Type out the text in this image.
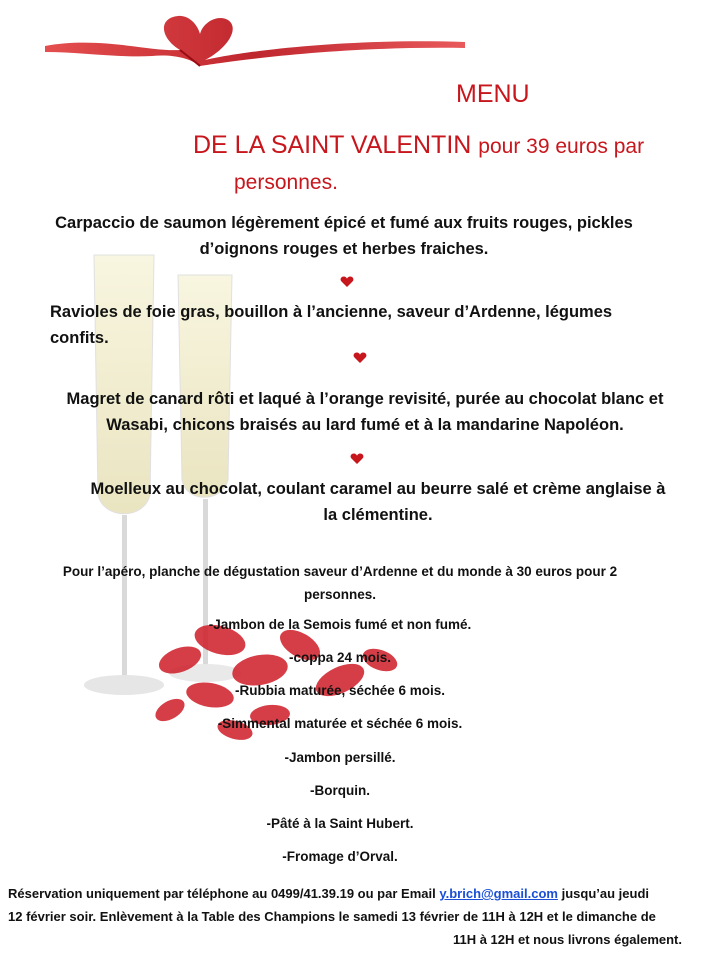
MENU
DE LA SAINT VALENTIN pour 39 euros par
personnes.
Carpaccio de saumon légèrement épicé et fumé aux fruits rouges, pickles
d’oignons rouges et herbes fraiches.
Ravioles de foie gras, bouillon à l’ancienne, saveur d’Ardenne, légumes
confits.
Magret de canard rôti et laqué à l’orange revisité, purée au chocolat blanc et
Wasabi, chicons braisés au lard fumé et à la mandarine Napoléon.
Moelleux au chocolat, coulant caramel au beurre salé et crème anglaise à
la clémentine.
Pour l’apéro, planche de dégustation saveur d’Ardenne et du monde à 30 euros pour 2
personnes.
-Jambon de la Semois fumé et non fumé.
-coppa 24 mois.
-Rubbia maturée, séchée 6 mois.
-Simmental maturée et séchée 6 mois.
-Jambon persillé.
-Borquin.
-Pâté à la Saint Hubert.
-Fromage d’Orval.
Réservation uniquement par téléphone au 0499/41.39.19 ou par Email y.brich@gmail.com jusqu’au jeudi
12 février soir. Enlèvement à la Table des Champions le samedi 13 février de 11H à 12H et le dimanche de
11H à 12H et nous livrons également.
